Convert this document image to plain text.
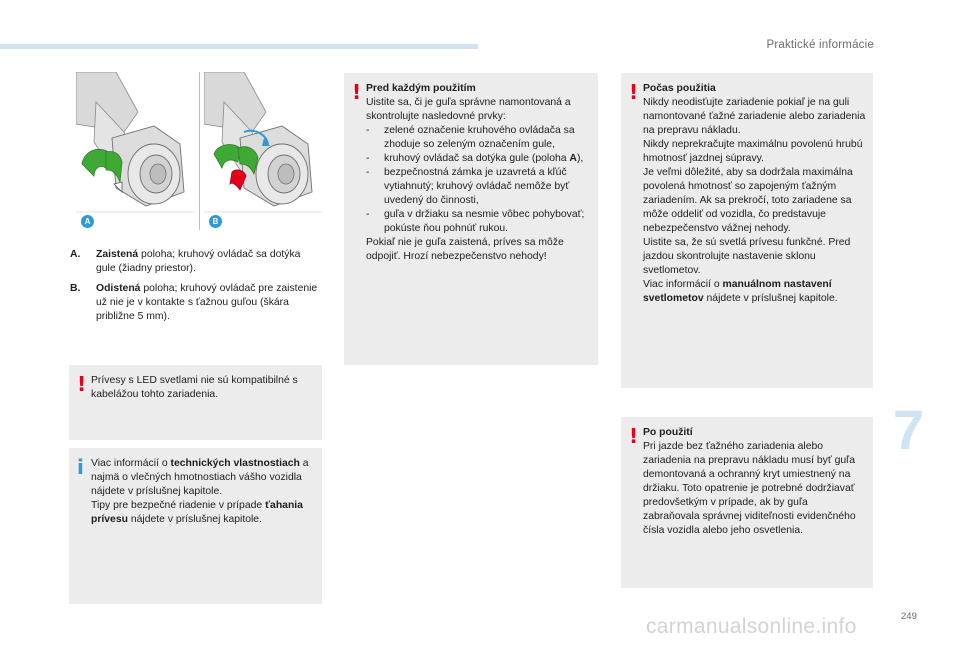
Praktické informácie
7
249
carmanualsonline.info
A	B
A. Zaistená poloha; kruhový ovládač sa dotýka gule (žiadny priestor).
B. Odistená poloha; kruhový ovládač pre zaistenie už nie je v kontakte s ťažnou guľou (škára približne 5 mm).
! Prívesy s LED svetlami nie sú kompatibilné s kabelážou tohto zariadenia.

i Viac informácií o technických vlastnostiach a najmä o vlečných hmotnostiach vášho vozidla nájdete v príslušnej kapitole.

Tipy pre bezpečné riadenie v prípade ťahania prívesu nájdete v príslušnej kapitole.

! Pred každým použitím

Uistite sa, či je guľa správne namontovaná a skontrolujte nasledovné prvky:

- zelené označenie kruhového ovládača sa zhoduje so zeleným označením gule,

- kruhový ovládač sa dotýka gule (poloha A),

- bezpečnostná zámka je uzavretá a kľúč vytiahnutý; kruhový ovládač nemôže byť uvedený do činnosti,

- guľa v držiaku sa nesmie vôbec pohybovať; pokúste ňou pohnúť rukou.

Pokiaľ nie je guľa zaistená, príves sa môže odpojiť. Hrozí nebezpečenstvo nehody!

! Počas použitia

Nikdy neodisťujte zariadenie pokiaľ je na guli namontované ťažné zariadenie alebo zariadenia na prepravu nákladu.

Nikdy neprekračujte maximálnu povolenú hrubú hmotnosť jazdnej súpravy.

Je veľmi dôležité, aby sa dodržala maximálna povolená hmotnosť so zapojeným ťažným zariadením. Ak sa prekročí, toto zariadene sa môže oddeliť od vozidla, čo predstavuje nebezpečenstvo vážnej nehody.

Uistite sa, že sú svetlá prívesu funkčné. Pred jazdou skontrolujte nastavenie sklonu svetlometov.

Viac informácií o manuálnom nastavení svetlometov nájdete v príslušnej kapitole.

! Po použití

Pri jazde bez ťažného zariadenia alebo zariadenia na prepravu nákladu musí byť guľa demontovaná a ochranný kryt umiestnený na držiaku. Toto opatrenie je potrebné dodržiavať predovšetkým v prípade, ak by guľa zabraňovala správnej viditeľnosti evidenčného čísla vozidla alebo jeho osvetlenia.
